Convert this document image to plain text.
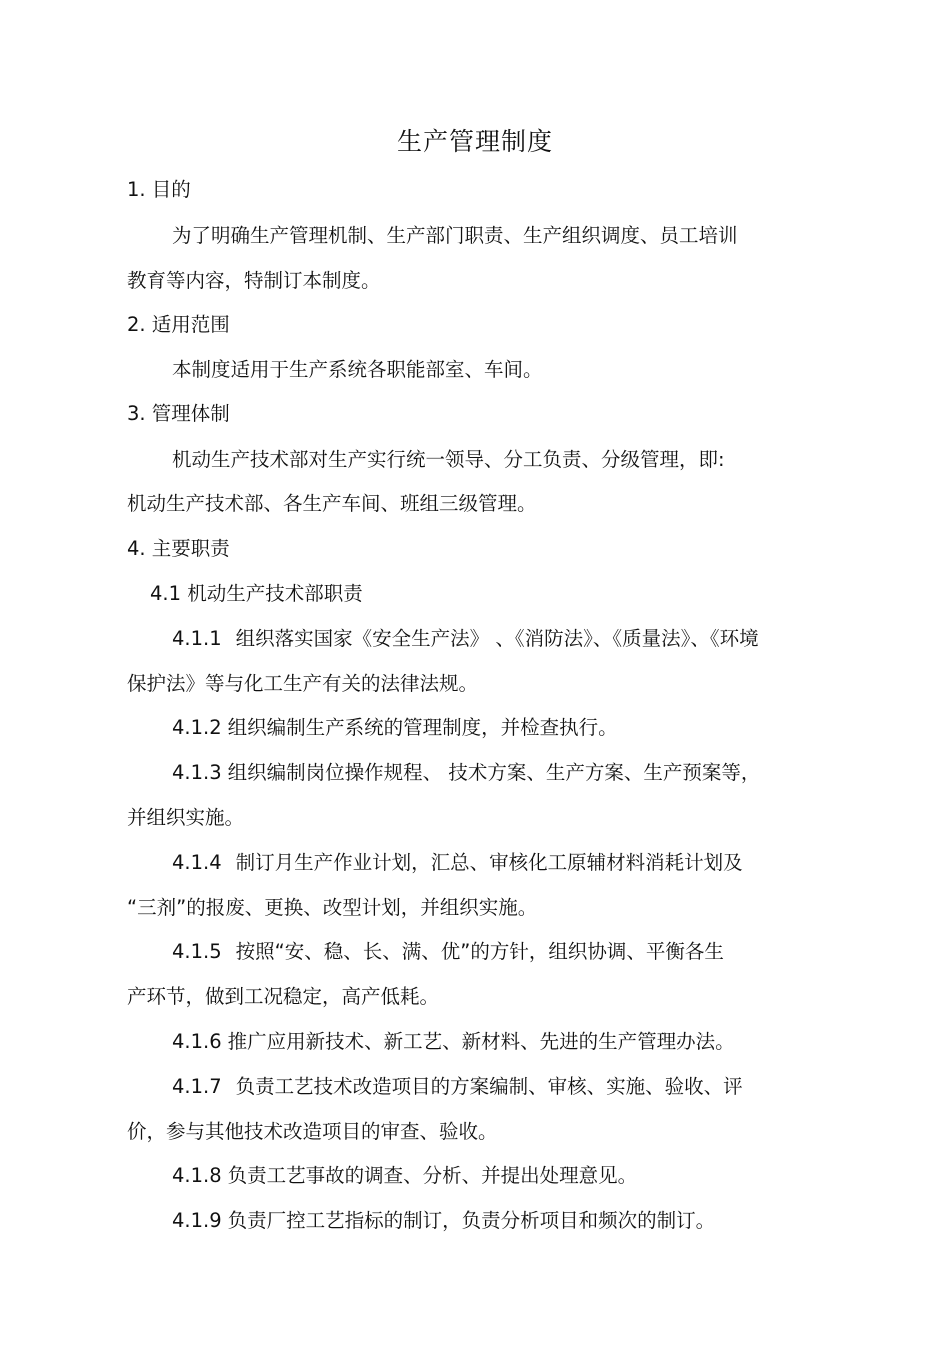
生产管理制度
1. 目的
为了明确生产管理机制、生产部门职责、生产组织调度、员工培训
教育等内容，特制订本制度。
2. 适用范围
本制度适用于生产系统各职能部室、车间。
3. 管理体制
机动生产技术部对生产实行统一领导、分工负责、分级管理，即:
机动生产技术部、各生产车间、班组三级管理。
4. 主要职责
4.1 机动生产技术部职责
4.1.1 组织落实国家《安全生产法》 、《消防法》、《质量法》、《环境
保护法》等与化工生产有关的法律法规。
4.1.2 组织编制生产系统的管理制度，并检查执行。
4.1.3 组织编制岗位操作规程、 技术方案、生产方案、生产预案等，
并组织实施。
4.1.4 制订月生产作业计划，汇总、审核化工原辅材料消耗计划及
“三剂”的报废、更换、改型计划，并组织实施。
4.1.5 按照“安、稳、长、满、优”的方针，组织协调、平衡各生
产环节，做到工况稳定，高产低耗。
4.1.6 推广应用新技术、新工艺、新材料、先进的生产管理办法。
4.1.7 负责工艺技术改造项目的方案编制、审核、实施、验收、评
价，参与其他技术改造项目的审查、验收。
4.1.8 负责工艺事故的调查、分析、并提出处理意见。
4.1.9 负责厂控工艺指标的制订，负责分析项目和频次的制订。
